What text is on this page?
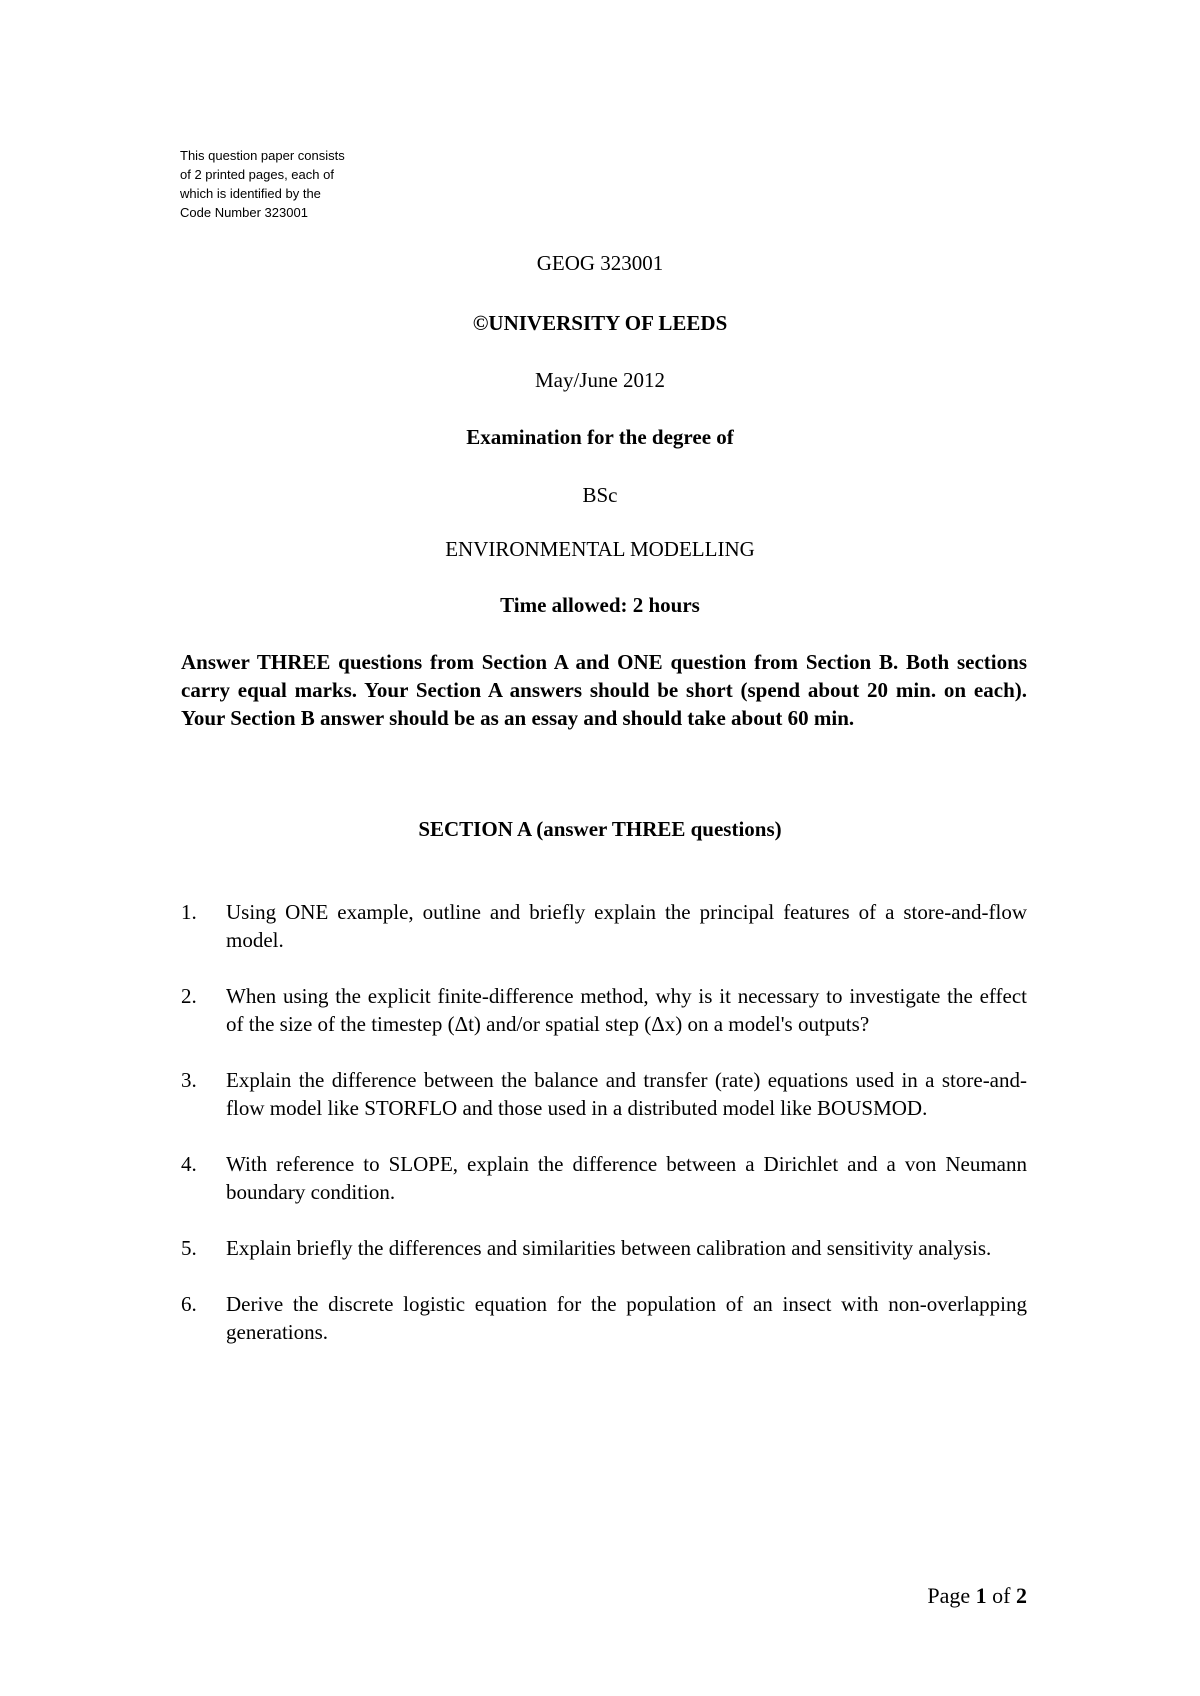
This question paper consists
of 2 printed pages, each of
which is identified by the
Code Number 323001
GEOG 323001
©UNIVERSITY OF LEEDS
May/June 2012
Examination for the degree of
BSc
ENVIRONMENTAL MODELLING
Time allowed: 2 hours

Answer THREE questions from Section A and ONE question from Section B. Both sections carry equal marks. Your Section A answers should be short (spend about 20 min. on each). Your Section B answer should be as an essay and should take about 60 min.

SECTION A (answer THREE questions)
1. Using ONE example, outline and briefly explain the principal features of a store-and-flow model.
2. When using the explicit finite-difference method, why is it necessary to investigate the effect of the size of the timestep (Δt) and/or spatial step (Δx) on a model's outputs?
3. Explain the difference between the balance and transfer (rate) equations used in a store-and-flow model like STORFLO and those used in a distributed model like BOUSMOD.
4. With reference to SLOPE, explain the difference between a Dirichlet and a von Neumann boundary condition.
5. Explain briefly the differences and similarities between calibration and sensitivity analysis.
6. Derive the discrete logistic equation for the population of an insect with non-overlapping generations.
Page 1 of 2
